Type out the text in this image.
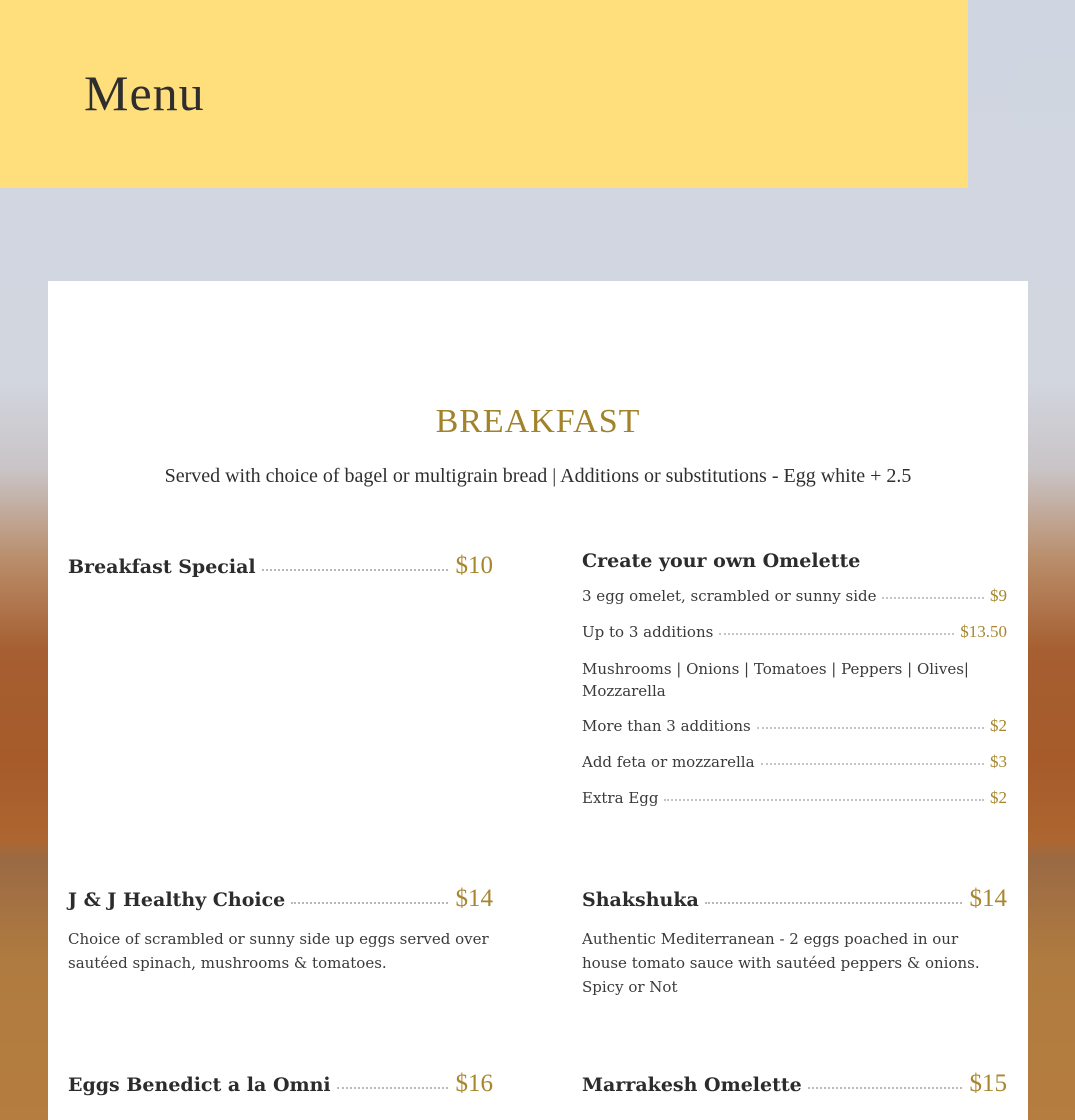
Menu
BREAKFAST

Served with choice of bagel or multigrain bread | Additions or substitutions - Egg white + 2.5

Breakfast Special	$10	Create your own Omelette
3 egg omelet, scrambled or sunny side	$9
Up to 3 additions	$13.50
Mushrooms | Onions | Tomatoes | Peppers | Olives| Mozzarella
More than 3 additions	$2
Add feta or mozzarella	$3
Extra Egg	$2
J & J Healthy Choice	$14
Choice of scrambled or sunny side up eggs served over sautéed spinach, mushrooms & tomatoes.
Shakshuka	$14
Authentic Mediterranean - 2 eggs poached in our house tomato sauce with sautéed peppers & onions. Spicy or Not
Eggs Benedict a la Omni	$16	Marrakesh Omelette	$15
